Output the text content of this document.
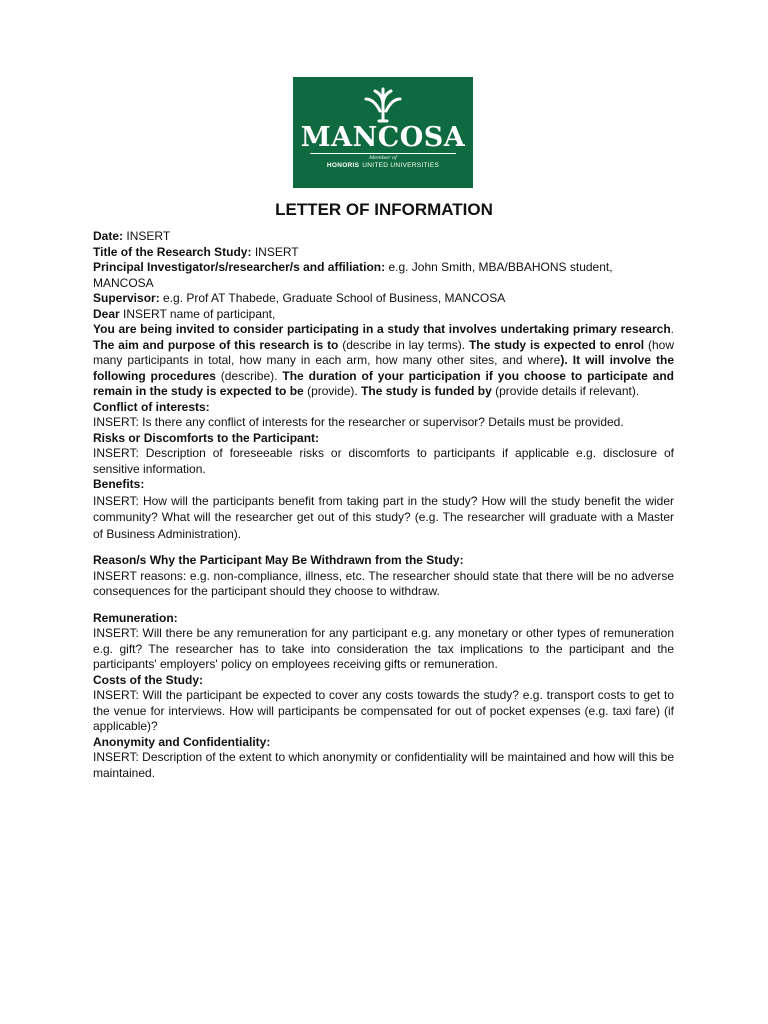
MANCOSA
Member of
HONORIS UNITED UNIVERSITIES
LETTER OF INFORMATION

Date: INSERT

Title of the Research Study: INSERT

Principal Investigator/s/researcher/s and affiliation: e.g. John Smith, MBA/BBAHONS student, MANCOSA

Supervisor: e.g. Prof AT Thabede, Graduate School of Business, MANCOSA

Dear INSERT name of participant,

You are being invited to consider participating in a study that involves undertaking primary research. The aim and purpose of this research is to (describe in lay terms). The study is expected to enrol (how many participants in total, how many in each arm, how many other sites, and where). It will involve the following procedures (describe). The duration of your participation if you choose to participate and remain in the study is expected to be (provide). The study is funded by (provide details if relevant).

Conflict of interests:

INSERT: Is there any conflict of interests for the researcher or supervisor? Details must be provided.

Risks or Discomforts to the Participant:

INSERT: Description of foreseeable risks or discomforts to participants if applicable e.g. disclosure of sensitive information.

Benefits:

INSERT: How will the participants benefit from taking part in the study? How will the study benefit the wider community? What will the researcher get out of this study? (e.g. The researcher will graduate with a Master of Business Administration).

Reason/s Why the Participant May Be Withdrawn from the Study:

INSERT reasons: e.g. non-compliance, illness, etc. The researcher should state that there will be no adverse consequences for the participant should they choose to withdraw.

Remuneration:

INSERT: Will there be any remuneration for any participant e.g. any monetary or other types of remuneration e.g. gift? The researcher has to take into consideration the tax implications to the participant and the participants' employers' policy on employees receiving gifts or remuneration.

Costs of the Study:

INSERT: Will the participant be expected to cover any costs towards the study? e.g. transport costs to get to the venue for interviews. How will participants be compensated for out of pocket expenses (e.g. taxi fare) (if applicable)?

Anonymity and Confidentiality:

INSERT: Description of the extent to which anonymity or confidentiality will be maintained and how will this be maintained.
